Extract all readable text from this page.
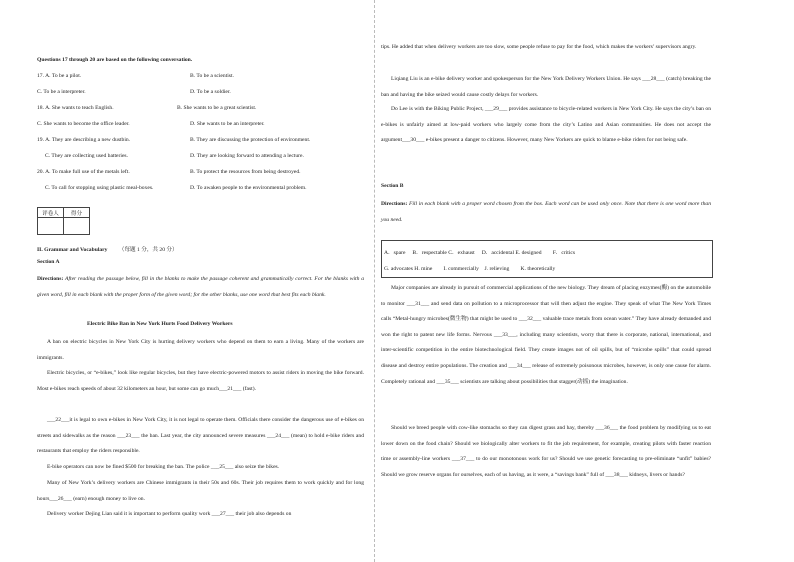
Questions 17 through 20 are based on the following conversation.
17. A. To be a pilot.	B. To be a scientist.
C. To be a interpreter.	D. To be a soldier.
18. A. She wants to teach English.	B. She wants to be a great scientist.
C. She wants to become the office leader.	D. She wants to be an interpreter.
19. A. They are describing a new dustbin.	B. They are discussing the protection of environment.
C. They are collecting used batteries.	D. They are looking forward to attending a lecture.
20. A. To make full use of the metals left.	B. To protect the resources from being destroyed.
C. To call for stopping using plastic meal-boxes.	D. To awaken people to the environmental problem.
评卷人	得分

II. Grammar and Vocabulary （每题 1 分，共 20 分）
Section A
Directions: After reading the passage below, fill in the blanks to make the passage coherent and grammatically correct. For the blanks with a given word, fill in each blank with the proper form of the given word; for the other blanks, use one word that best fits each blank.
Electric Bike Ban in New York Hurts Food Delivery Workers
A ban on electric bicycles in New York City is hurting delivery workers who depend on them to earn a living. Many of the workers are immigrants.
Electric bicycles, or “e-bikes,” look like regular bicycles, but they have electric-powered motors to assist riders in moving the bike forward. Most e-bikes reach speeds of about 32 kilometers an hour, but some can go much___21___ (fast).
___22___it is legal to own e-bikes in New York City, it is not legal to operate them. Officials there consider the dangerous use of e-bikes on streets and sidewalks as the reason ___23___ the ban. Last year, the city announced severe measures ___24___ (mean) to hold e-bike riders and restaurants that employ the riders responsible.
E-bike operators can now be fined $500 for breaking the ban. The police ___25___ also seize the bikes.
Many of New York’s delivery workers are Chinese immigrants in their 50s and 60s. Their job requires them to work quickly and for long hours___26___ (earn) enough money to live on.
Delivery worker Dejing Lian said it is important to perform quality work ___27___ their job also depends on
tips. He added that when delivery workers are too slow, some people refuse to pay for the food, which makes the workers’ supervisors angry.
Liqiang Liu is an e-bike delivery worker and spokesperson for the New York Delivery Workers Union. He says ___28___ (catch) breaking the ban and having the bike seized would cause costly delays for workers.
Do Lee is with the Biking Public Project, ___29___ provides assistance to bicycle-related workers in New York City. He says the city’s ban on e-bikes is unfairly aimed at low-paid workers who largely come from the city’s Latino and Asian communities. He does not accept the argument___30___ e-bikes present a danger to citizens. However, many New Yorkers are quick to blame e-bike riders for not being safe.
Section B
Directions: Fill in each blank with a proper word chosen from the box. Each word can be used only once. Note that there is one word more than you need.
A．spare　 B．respectable C．exhaust　 D．accidental E. designed　　F．critics
G. advocates H. mine　　I. commercially　J. relieving　　K. theoretically
Major companies are already in pursuit of commercial applications of the new biology. They dream of placing enzymes(酶) on the automobile to monitor ___31___ and send data on pollution to a microprocessor that will then adjust the engine. They speak of what The New York Times calls “Metal-hungry microbes(微生物) that might be used to ___32___ valuable trace metals from ocean water.” They have already demanded and won the right to patent new life forms. Nervous ___33___, including many scientists, worry that there is corporate, national, international, and inter-scientific competition in the entire biotechnological field. They create images not of oil spills, but of “microbe spills” that could spread disease and destroy entire populations. The creation and ___34___ release of extremely poisonous microbes, however, is only one cause for alarm. Completely rational and ___35___ scientists are talking about possibilities that stagger(动摇) the imagination.
Should we breed people with cow-like stomachs so they can digest grass and hay, thereby ___36___ the food problem by modifying us to eat lower down on the food chain? Should we biologically alter workers to fit the job requirement, for example, creating pilots with faster reaction time or assembly-line workers ___37___ to do our monotonous work for us? Should we use genetic forecasting to pre-eliminate “unfit” babies? Should we grow reserve organs for ourselves, each of us having, as it were, a “savings bank” full of ___38___ kidneys, livers or hands?
